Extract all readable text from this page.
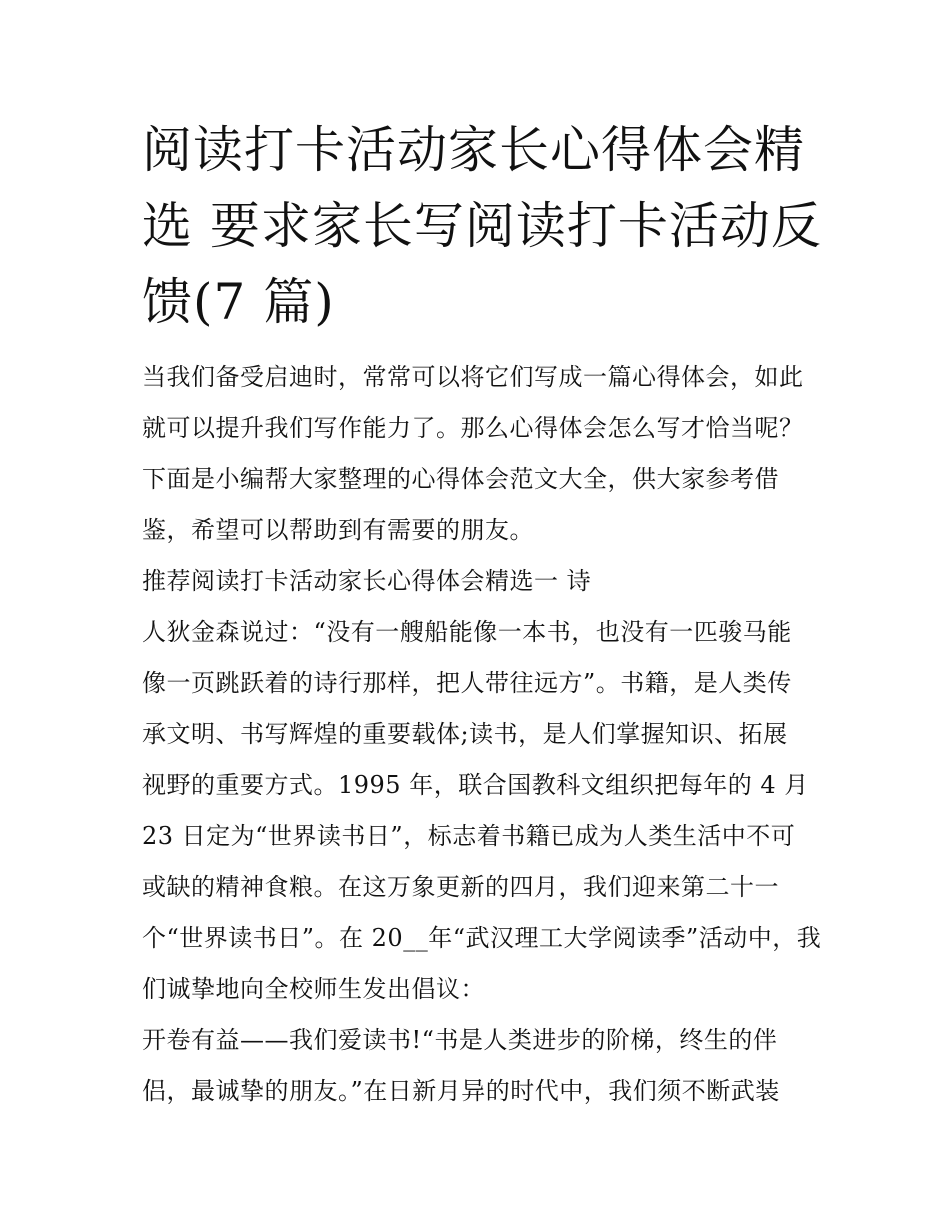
阅读打卡活动家长心得体会精
选 要求家长写阅读打卡活动反
馈(7 篇)
当我们备受启迪时，常常可以将它们写成一篇心得体会，如此
就可以提升我们写作能力了。那么心得体会怎么写才恰当呢？
下面是小编帮大家整理的心得体会范文大全，供大家参考借
鉴，希望可以帮助到有需要的朋友。
推荐阅读打卡活动家长心得体会精选一 诗
人狄金森说过：“没有一艘船能像一本书，也没有一匹骏马能
像一页跳跃着的诗行那样，把人带往远方”。书籍，是人类传
承文明、书写辉煌的重要载体;读书，是人们掌握知识、拓展
视野的重要方式。1995 年，联合国教科文组织把每年的 4 月
23 日定为“世界读书日”，标志着书籍已成为人类生活中不可
或缺的精神食粮。在这万象更新的四月，我们迎来第二十一
个“世界读书日”。在 20__年“武汉理工大学阅读季”活动中，我
们诚挚地向全校师生发出倡议：
开卷有益——我们爱读书!“书是人类进步的阶梯，终生的伴
侣，最诚挚的朋友。”在日新月异的时代中，我们须不断武装
